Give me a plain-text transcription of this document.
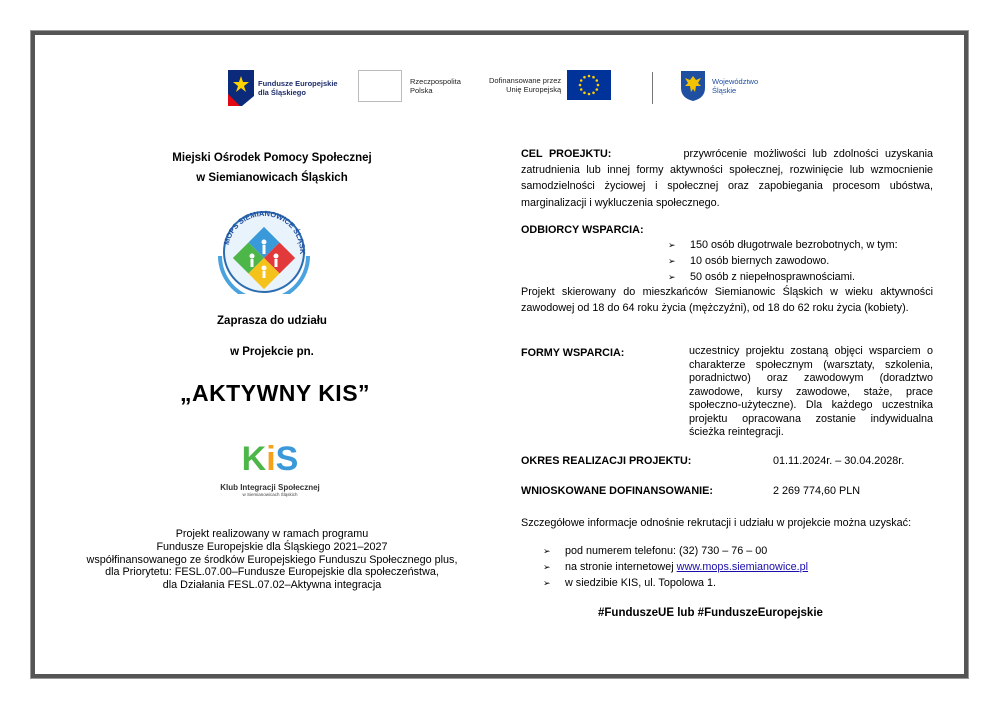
Fundusze Europejskie
dla Śląskiego
Rzeczpospolita
Polska
Dofinansowane przez
Unię Europejską
Województwo
Śląskie
Miejski Ośrodek Pomocy Społecznej
w Siemianowicach Śląskich
MOPS SIEMIANOWICE ŚLĄSK
Zaprasza do udziału
w Projekcie pn.
„AKTYWNY KIS”
KiS
Klub Integracji Społecznej
w Siemianowicach Śląskich
Projekt realizowany w ramach programu
Fundusze Europejskie dla Śląskiego 2021–2027
współfinansowanego ze środków Europejskiego Funduszu Społecznego plus,
dla Priorytetu: FESL.07.00–Fundusze Europejskie dla społeczeństwa,
dla Działania FESL.07.02–Aktywna integracja
CEL PROEJKTU:	przywrócenie możliwości lub zdolności uzyskania zatrudnienia lub innej formy aktywności społecznej, rozwinięcie lub wzmocnienie samodzielności życiowej i społecznej oraz zapobiegania procesom ubóstwa, marginalizacji i wykluczenia społecznego.
ODBIORCY WSPARCIA:
➢ 150 osób długotrwale bezrobotnych, w tym:
➢ 10 osób biernych zawodowo.
➢ 50 osób z niepełnosprawnościami.
Projekt skierowany do mieszkańców Siemianowic Śląskich w wieku aktywności zawodowej od 18 do 64 roku życia (mężczyźni), od 18 do 62 roku życia (kobiety).
FORMY WSPARCIA:	uczestnicy projektu zostaną objęci wsparciem o charakterze społecznym (warsztaty, szkolenia, poradnictwo) oraz zawodowym (doradztwo zawodowe, kursy zawodowe, staże, prace społeczno-użyteczne). Dla każdego uczestnika projektu opracowana zostanie indywidualna ścieżka reintegracji.
OKRES REALIZACJI PROJEKTU:	01.11.2024r. – 30.04.2028r.
WNIOSKOWANE DOFINANSOWANIE:	2 269 774,60 PLN
Szczegółowe informacje odnośnie rekrutacji i udziału w projekcie można uzyskać:
➢ pod numerem telefonu: (32) 730 – 76 – 00
➢ na stronie internetowej www.mops.siemianowice.pl
➢ w siedzibie KIS, ul. Topolowa 1.
#FunduszeUE lub #FunduszeEuropejskie
